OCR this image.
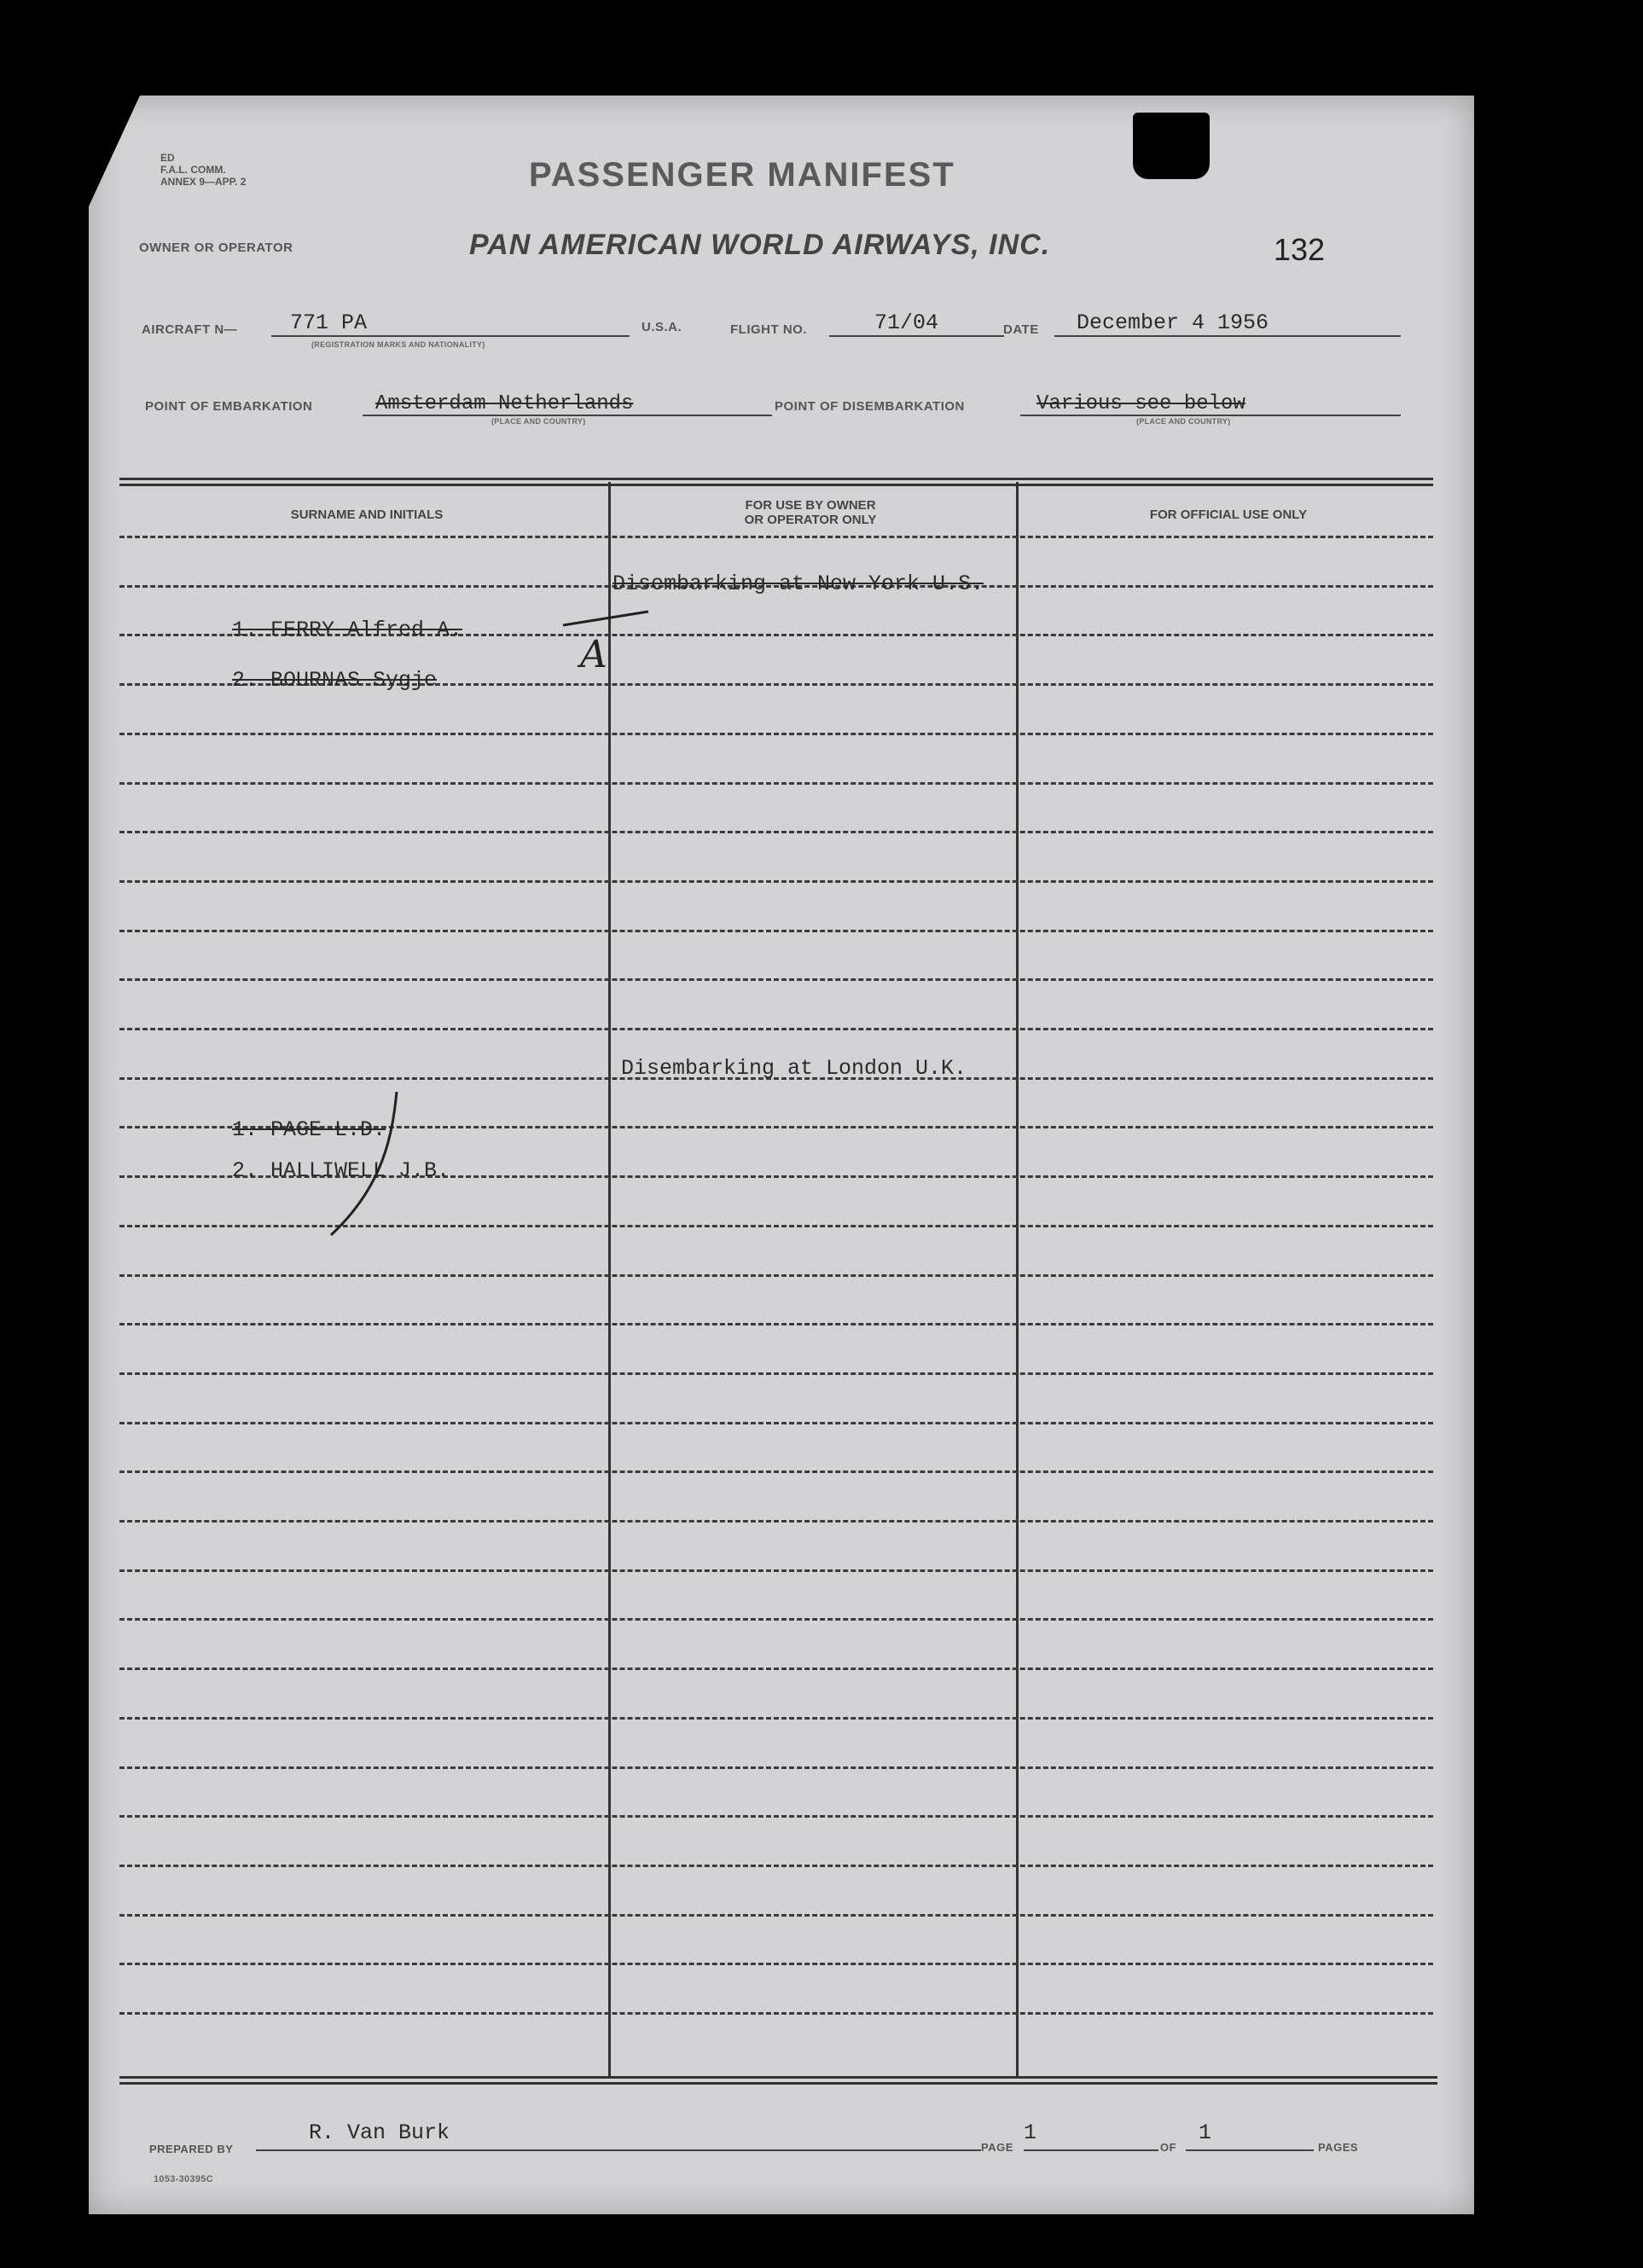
ED
F.A.L. COMM.
ANNEX 9—APP. 2	PASSENGER MANIFEST
OWNER OR OPERATOR	PAN AMERICAN WORLD AIRWAYS, INC.	132
AIRCRAFT N— 771 PA
(REGISTRATION MARKS AND NATIONALITY)
U.S.A.	FLIGHT NO.	71/04	DATE December 4 1956
POINT OF EMBARKATION	Amsterdam Netherlands
(PLACE AND COUNTRY)
POINT OF DISEMBARKATION	Various see below
(PLACE AND COUNTRY)
SURNAME AND INITIALS
FOR USE BY OWNER
OR OPERATOR ONLY	FOR OFFICIAL USE ONLY
Disembarking at New York U.S.
1. FERRY Alfred A.
2. BOURNAS Sygje
A
Disembarking at London U.K.
1. PAGE L.D.
2. HALLIWELL J.B.
PREPARED BY
R. Van Burk
PAGE
1
OF
1
PAGES
1053-30395C
